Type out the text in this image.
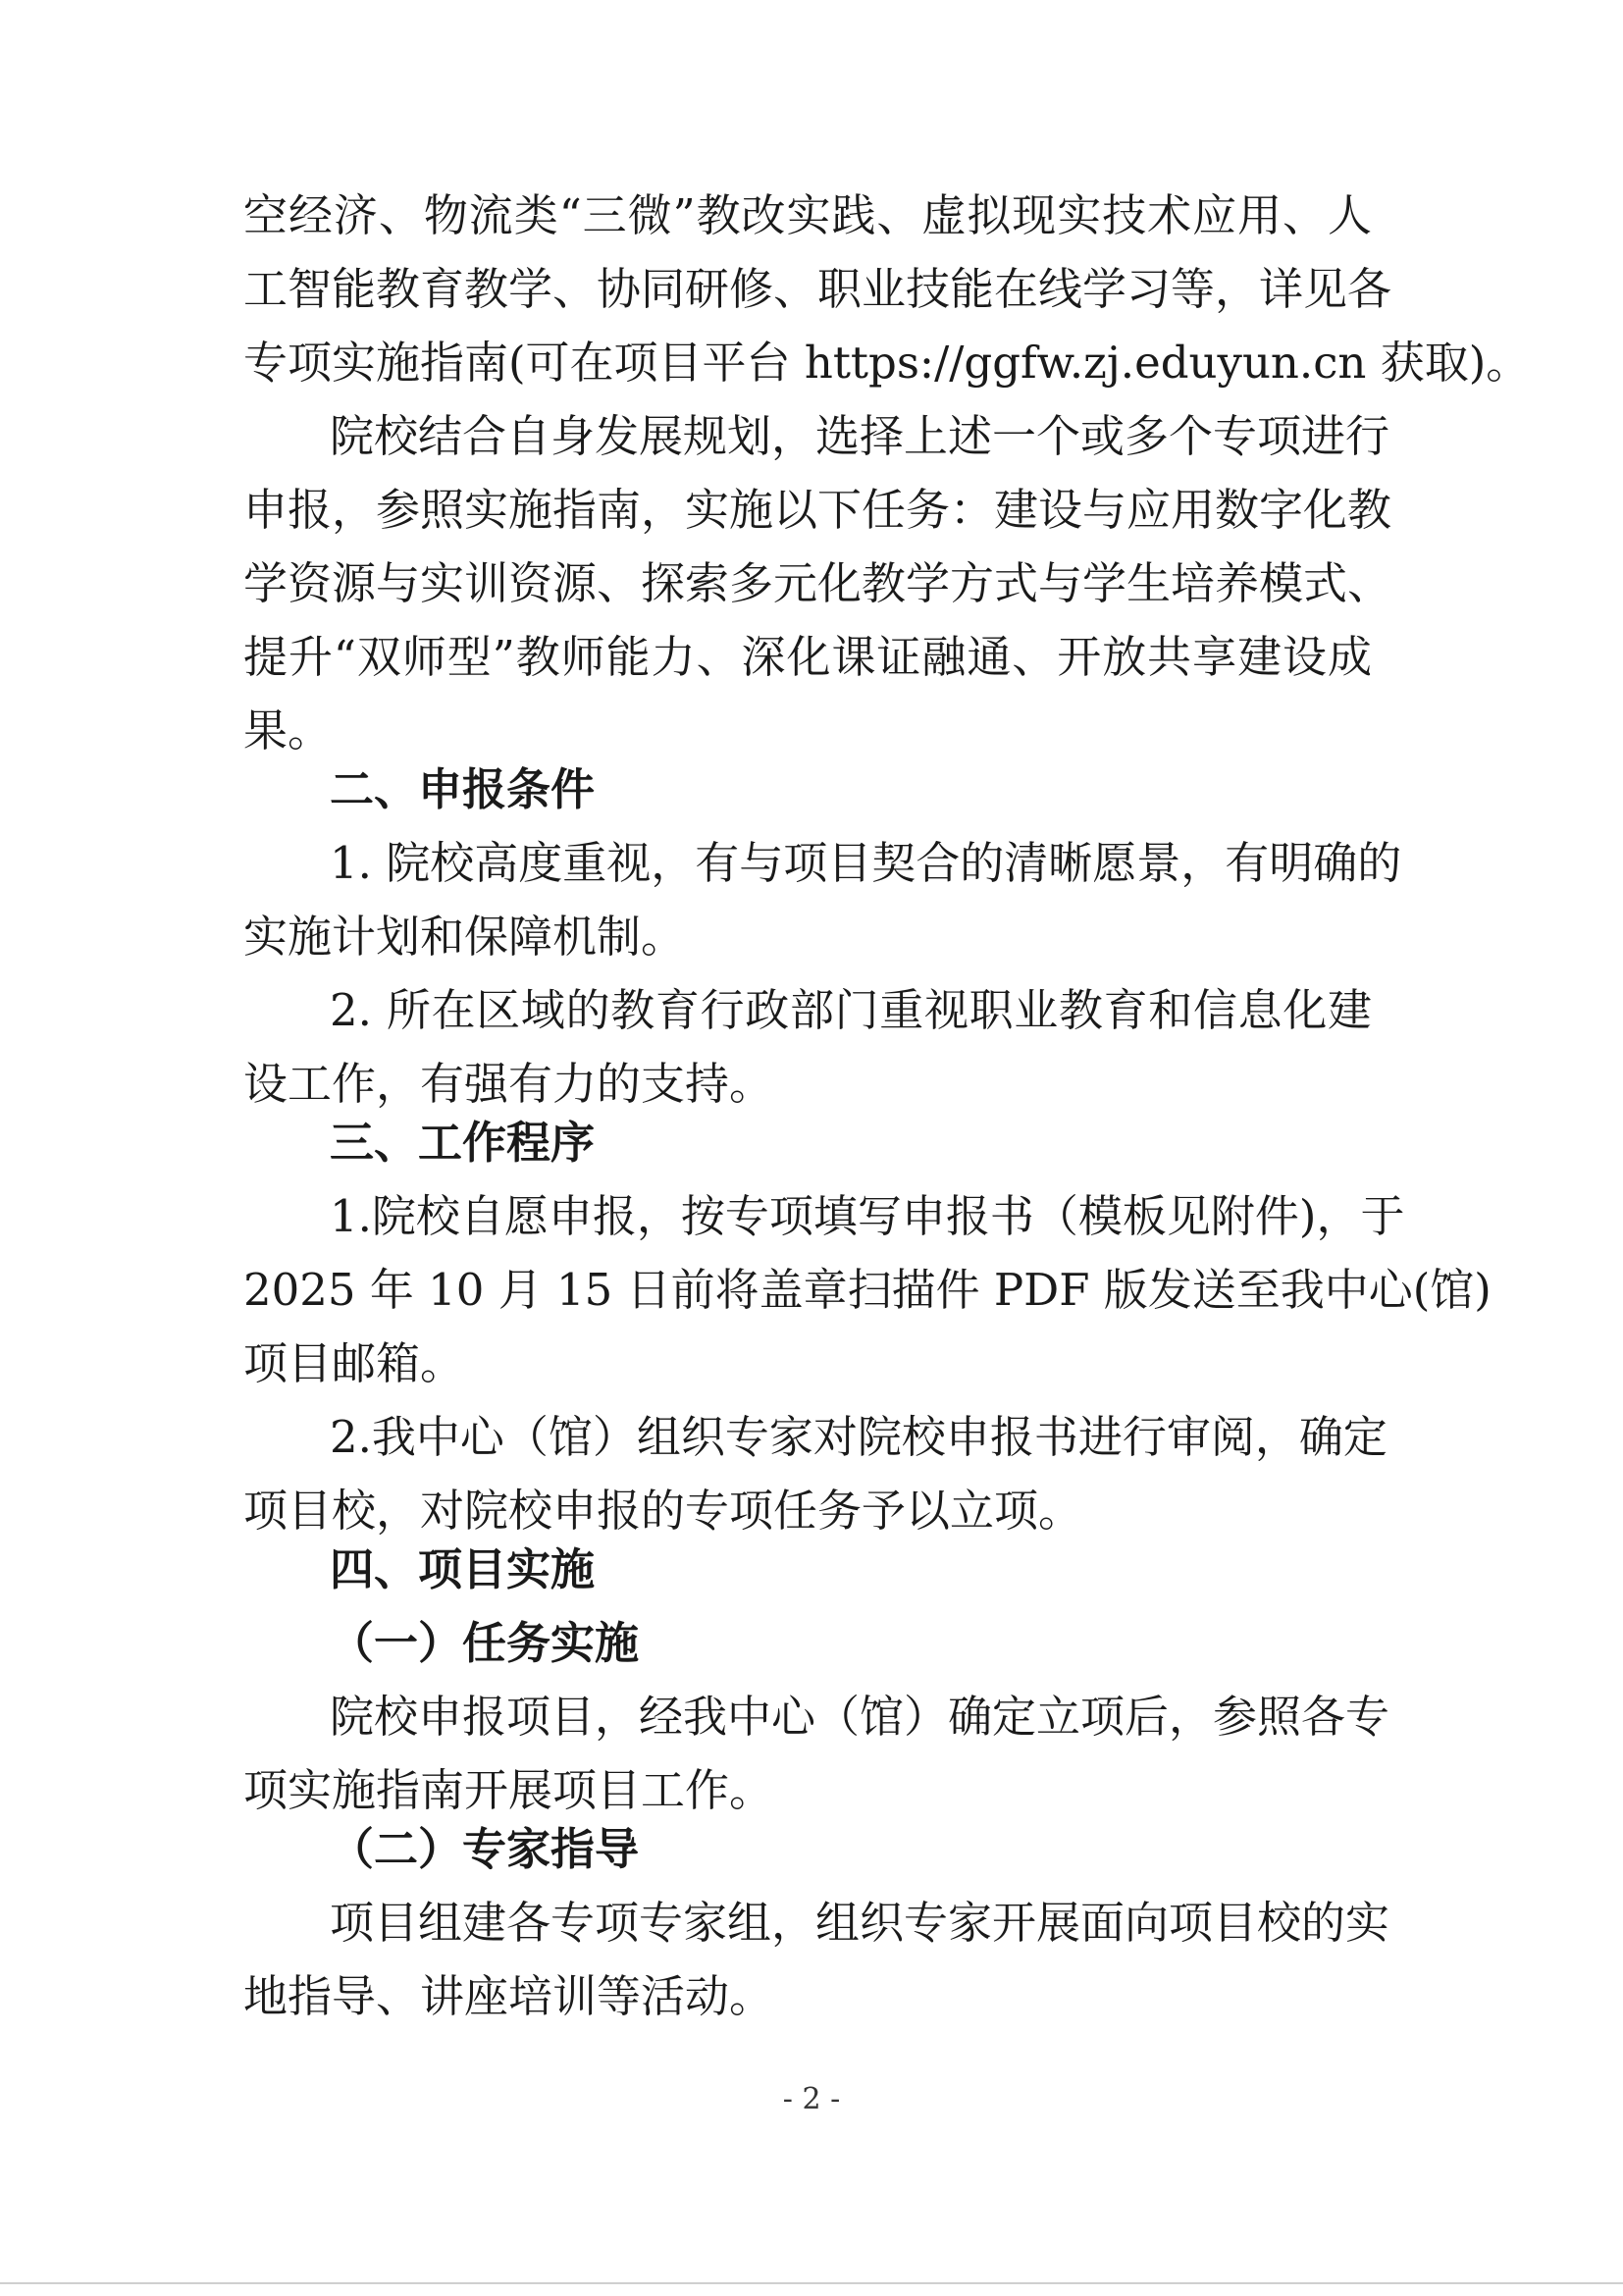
空经济、物流类“三微”教改实践、虚拟现实技术应用、人
工智能教育教学、协同研修、职业技能在线学习等，详见各
专项实施指南(可在项目平台 https://ggfw.zj.eduyun.cn 获取)。
院校结合自身发展规划，选择上述一个或多个专项进行
申报，参照实施指南，实施以下任务：建设与应用数字化教
学资源与实训资源、探索多元化教学方式与学生培养模式、
提升“双师型”教师能力、深化课证融通、开放共享建设成
果。
二、申报条件
1. 院校高度重视，有与项目契合的清晰愿景，有明确的
实施计划和保障机制。
2. 所在区域的教育行政部门重视职业教育和信息化建
设工作，有强有力的支持。
三、工作程序
1.院校自愿申报，按专项填写申报书（模板见附件)，于
2025 年 10 月 15 日前将盖章扫描件 PDF 版发送至我中心(馆)
项目邮箱。
2.我中心（馆）组织专家对院校申报书进行审阅，确定
项目校，对院校申报的专项任务予以立项。
四、项目实施
（一）任务实施
院校申报项目，经我中心（馆）确定立项后，参照各专
项实施指南开展项目工作。
（二）专家指导
项目组建各专项专家组，组织专家开展面向项目校的实
地指导、讲座培训等活动。
- 2 -
